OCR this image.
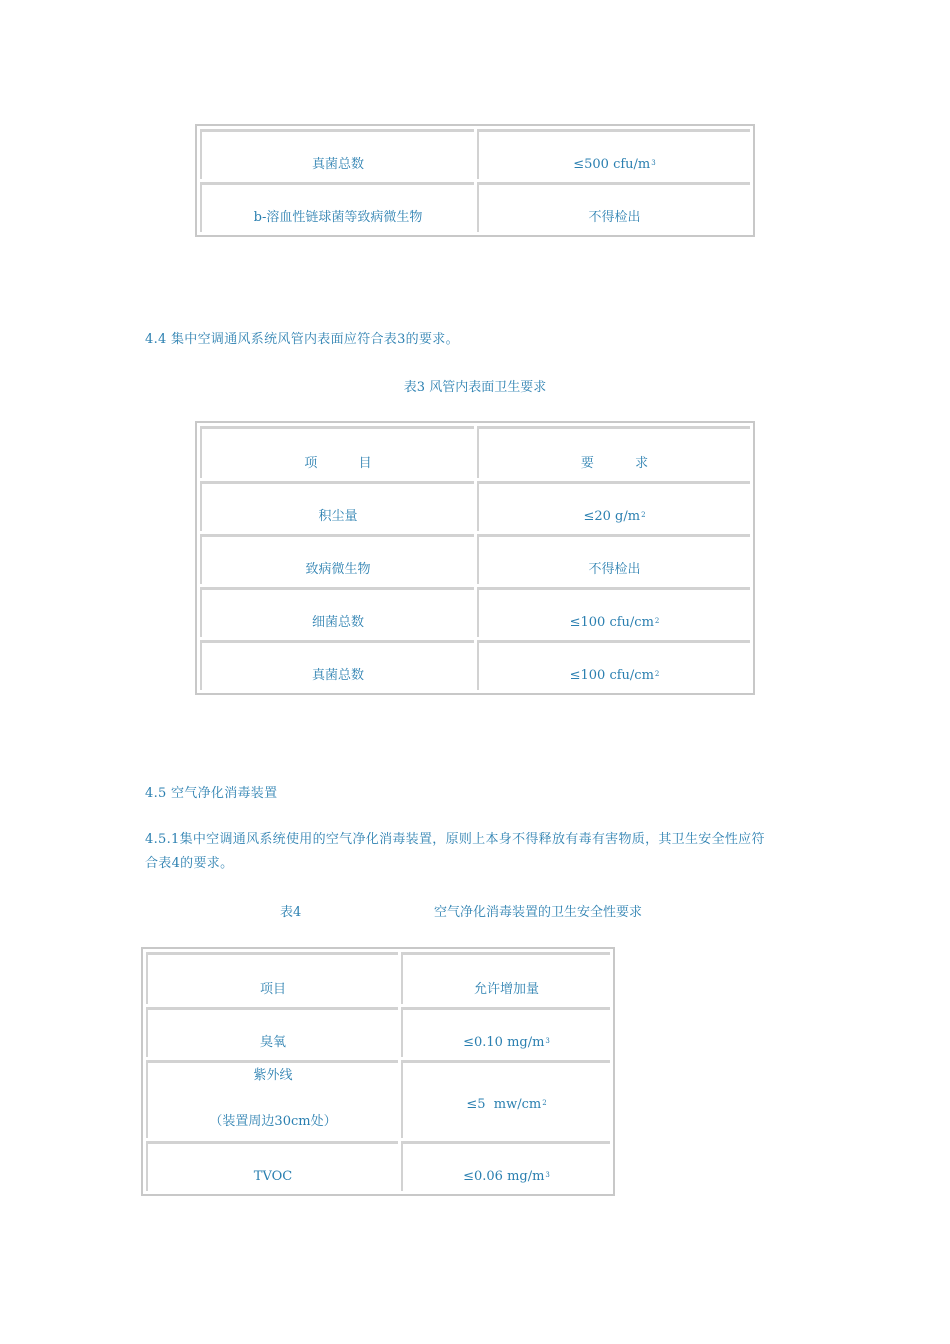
真菌总数	≤500 cfu/$m^3$
b-溶血性链球菌等致病微生物	不得检出
4.4 集中空调通风系统风管内表面应符合表3的要求。
表3 风管内表面卫生要求
项          目	要          求
积尘量	≤20 $g/m^2$
致病微生物	不得检出
细菌总数	≤100 cfu/$cm^2$
真菌总数	≤100 cfu/$cm^2$
4.5 空气净化消毒装置
4.5.1集中空调通风系统使用的空气净化消毒装置，原则上本身不得释放有毒有害物质，其卫生安全性应符
合表4的要求。
表4	空气净化消毒装置的卫生安全性要求
项目	允许增加量
臭氧	≤0.10 $mg/m^3$

紫外线
（装置周边30cm处）	≤5  $mw/cm^2$
TVOC	≤0.06 $mg/m^3$
